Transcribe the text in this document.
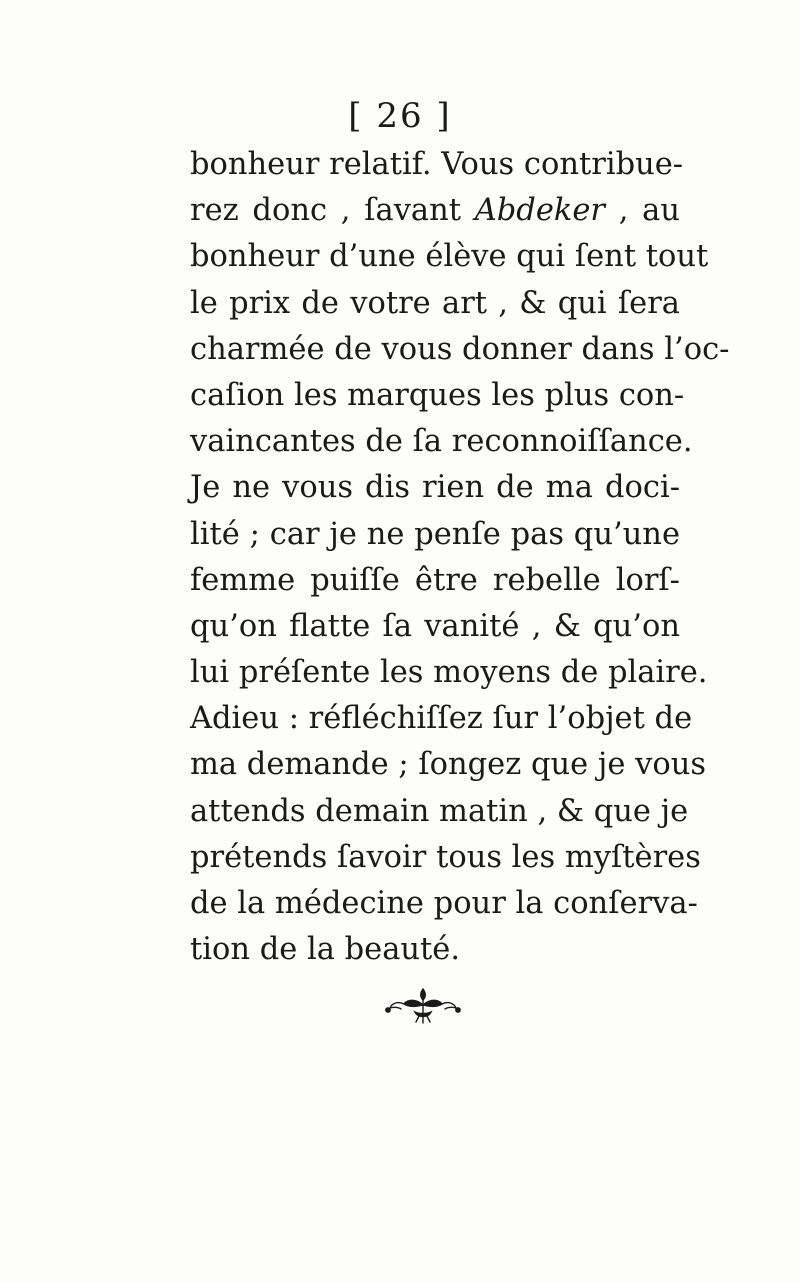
[ 26 ]
bonheur relatif. Vous contribue-
rez donc , ſavant Abdeker , au
bonheur d’une élève qui ſent tout
le prix de votre art , & qui ſera
charmée de vous donner dans l’oc-
caſion les marques les plus con-
vaincantes de ſa reconnoiſſance.
Je ne vous dis rien de ma doci-
lité ; car je ne penſe pas qu’une
femme puiſſe être rebelle lorſ-
qu’on flatte ſa vanité , & qu’on
lui préſente les moyens de plaire.
Adieu : réfléchiſſez ſur l’objet de
ma demande ; ſongez que je vous
attends demain matin , & que je
prétends ſavoir tous les myſtères
de la médecine pour la conſerva-
tion de la beauté.
